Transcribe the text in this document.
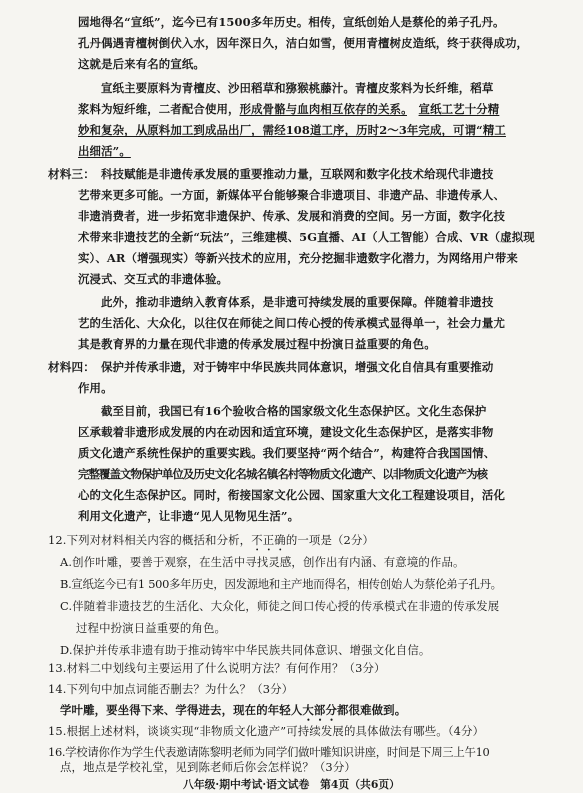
园地得名“宣纸”，迄今已有1500多年历史。相传，宣纸创始人是蔡伦的弟子孔丹。
孔丹偶遇青檀树倒伏入水，因年深日久，洁白如雪，便用青檀树皮造纸，终于获得成功，
这就是后来有名的宣纸。
宣纸主要原料为青檀皮、沙田稻草和猕猴桃藤汁。青檀皮浆料为长纤维，稻草
浆料为短纤维，二者配合使用，形成骨骼与血肉相互依存的关系。　 宣纸工艺十分精
妙和复杂，从原料加工到成品出厂，需经108道工序，历时2～3年完成，可谓“精工
出细活”。
材料三： 科技赋能是非遗传承发展的重要推动力量，互联网和数字化技术给现代非遗技
艺带来更多可能。一方面，新媒体平台能够聚合非遗项目、非遗产品、非遗传承人、
非遗消费者，进一步拓宽非遗保护、传承、发展和消费的空间。另一方面，数字化技
术带来非遗技艺的全新“玩法”，三维建模、5G直播、AI（人工智能）合成、VR（虚拟现
实）、AR（增强现实）等新兴技术的应用，充分挖掘非遗数字化潜力，为网络用户带来
沉浸式、交互式的非遗体验。
此外，推动非遗纳入教育体系，是非遗可持续发展的重要保障。伴随着非遗技
艺的生活化、大众化，以往仅在师徒之间口传心授的传承模式显得单一，社会力量尤
其是教育界的力量在现代非遗的传承发展过程中扮演日益重要的角色。
材料四： 保护并传承非遗，对于铸牢中华民族共同体意识，增强文化自信具有重要推动
作用。
截至目前，我国已有16个验收合格的国家级文化生态保护区。文化生态保护
区承载着非遗形成发展的内在动因和适宜环境，建设文化生态保护区，是落实非物
质文化遗产系统性保护的重要实践。我们要坚持“两个结合”，构建符合我国国情、
完整覆盖文物保护单位及历史文化名城名镇名村等物质文化遗产、以非物质文化遗产为核
心的文化生态保护区。同时，衔接国家文化公园、国家重大文化工程建设项目，活化
利用文化遗产，让非遗“见人见物见生活”。
12.下列对材料相关内容的概括和分析，不正确的一项是（2分）
A.创作叶雕，要善于观察，在生活中寻找灵感，创作出有内涵、有意境的作品。
B.宣纸迄今已有1 500多年历史，因发源地和主产地而得名，相传创始人为蔡伦弟子孔丹。
C.伴随着非遗技艺的生活化、大众化，师徒之间口传心授的传承模式在非遗的传承发展
过程中扮演日益重要的角色。
D.保护并传承非遗有助于推动铸牢中华民族共同体意识、增强文化自信。
13.材料二中划线句主要运用了什么说明方法？有何作用？（3分）
14.下列句中加点词能否删去？为什么？（3分）
学叶雕，要坐得下来、学得进去，现在的年轻人大部分都很难做到。
15.根据上述材料，谈谈实现“非物质文化遗产”可持续发展的具体做法有哪些。（4分）
16.学校请你作为学生代表邀请陈黎明老师为同学们做叶雕知识讲座，时间是下周三上午10
八年级·期中考试·语文试卷　第4页（共6页）
点，地点是学校礼堂，见到陈老师后你会怎样说？（3分）
